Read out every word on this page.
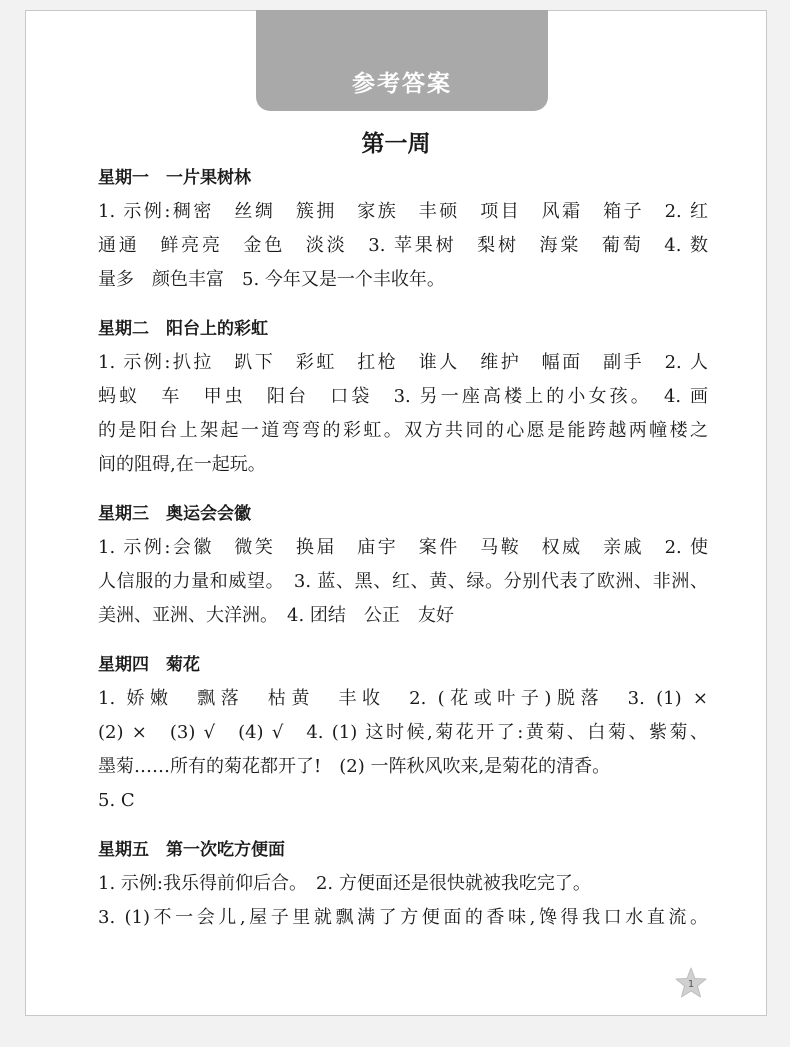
参考答案
第一周
星期一　一片果树林
1. 示例:稠密　丝绸　簇拥　家族　丰硕　项目　风霜　箱子　2. 红
通通　鲜亮亮　金色　淡淡　3. 苹果树　梨树　海棠　葡萄　4. 数
量多　颜色丰富　5. 今年又是一个丰收年。
星期二　阳台上的彩虹
1. 示例:扒拉　趴下　彩虹　扛枪　谁人　维护　幅面　副手　2. 人
蚂蚁　车　甲虫　阳台　口袋　3. 另一座高楼上的小女孩。　4. 画
的是阳台上架起一道弯弯的彩虹。双方共同的心愿是能跨越两幢楼之
间的阻碍,在一起玩。
星期三　奥运会会徽
1. 示例:会徽　微笑　换届　庙宇　案件　马鞍　权威　亲戚　2. 使
人信服的力量和威望。　3. 蓝、黑、红、黄、绿。分别代表了欧洲、非洲、
美洲、亚洲、大洋洲。　4. 团结　公正　友好
星期四　菊花
1. 娇嫩　飘落　枯黄　丰收　2. (花或叶子)脱落　3. (1) ×
(2) ×　(3) √　(4) √　4. (1) 这时候,菊花开了:黄菊、白菊、紫菊、
墨菊……所有的菊花都开了!　(2) 一阵秋风吹来,是菊花的清香。
5. C
星期五　第一次吃方便面
1. 示例:我乐得前仰后合。　2. 方便面还是很快就被我吃完了。
3. (1)不一会儿,屋子里就飘满了方便面的香味,馋得我口水直流。
1
